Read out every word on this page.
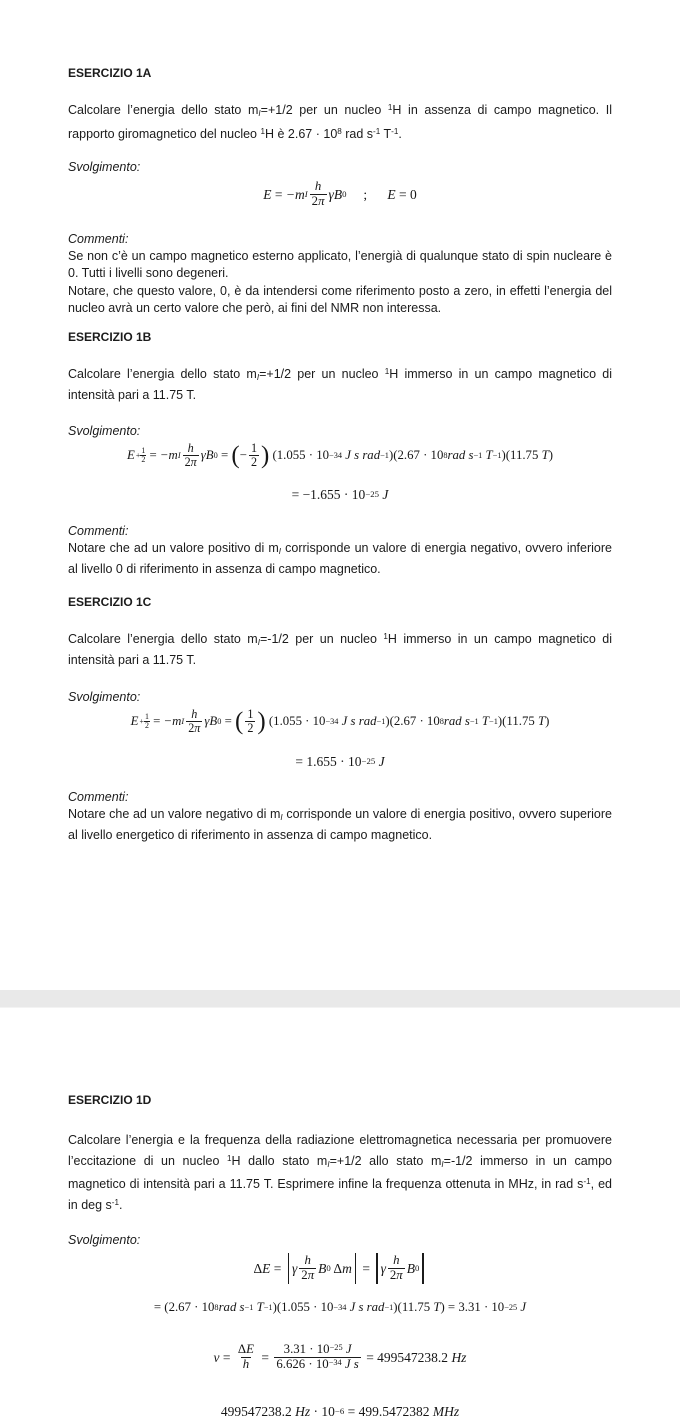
ESERCIZIO 1A

Calcolare l’energia dello stato $m_I=+1/2$ per un nucleo $^1$H in assenza di campo magnetico. Il rapporto giromagnetico del nucleo $^1$H è $2.67 \cdot 10^8$ rad $s^{-1}$ $T^{-1}$.

Svolgimento:
E = −m I $\frac{h}{2\pi}$ γB 0 ; E = 0
Commenti:

Se non c’è un campo magnetico esterno applicato, l’energià di qualunque stato di spin nucleare è 0. Tutti i livelli sono degeneri.

Notare, che questo valore, 0, è da intendersi come riferimento posto a zero, in effetti l’energia del nucleo avrà un certo valore che però, ai fini del NMR non interessa.

ESERCIZIO 1B

Calcolare l’energia dello stato $m_I=+1/2$ per un nucleo $^1$H immerso in un campo magnetico di intensità pari a 11.75 T.

Svolgimento:
$E + \frac{1}{2} = -m$ I $\frac{h}{2\pi}$ γB 0 = ( − $\frac{1}{2}$ ) (1.055 · 10 −34
J s rad −1 )(2.67 · 10 8 rad s −1 T −1 )(11.75 T )
= −1.655 · 10 −25
J
Commenti:

Notare che ad un valore positivo di $m_I$ corrisponde un valore di energia negativo, ovvero inferiore al livello 0 di riferimento in assenza di campo magnetico.

ESERCIZIO 1C

Calcolare l’energia dello stato $m_I=-1/2$ per un nucleo $^1$H immerso in un campo magnetico di intensità pari a 11.75 T.

Svolgimento:
$E + \frac{1}{2} = -m$ I $\frac{h}{2\pi}$ γB 0 = ( $\frac{1}{2}$ ) (1.055 · 10 −34
J s rad −1 )(2.67 · 10 8 rad s −1 T −1 )(11.75 T )
= 1.655 · 10 −25
J
Commenti:

Notare che ad un valore negativo di $m_I$ corrisponde un valore di energia positivo, ovvero superiore al livello energetico di riferimento in assenza di campo magnetico.

ESERCIZIO 1D

Calcolare l’energia e la frequenza della radiazione elettromagnetica necessaria per promuovere l’eccitazione di un nucleo $^1$H dallo stato $m_I=+1/2$ allo stato $m_I=-1/2$ immerso in un campo magnetico di intensità pari a 11.75 T. Esprimere infine la frequenza ottenuta in MHz, in rad $s^{-1}$, ed in deg $s^{-1}$.

Svolgimento:
Δ E = γ $\frac{h}{2\pi}$ B 0 Δ m = γ $\frac{h}{2\pi}$ B 0
= (2.67 · 10 8 rad s −1 T −1 )(1.055 · 10 −34
J s rad −1 )(11.75 T ) = 3.31 · 10 −25
J
$\nu = \frac{\Delta E}{h} = \frac{3.31 \cdot 10^{-25} J}{6.626 \cdot 10^{-34} J s} = 499547238.2$ Hz
499547238.2 Hz · 10 −6 = 499.5472382 MHz
